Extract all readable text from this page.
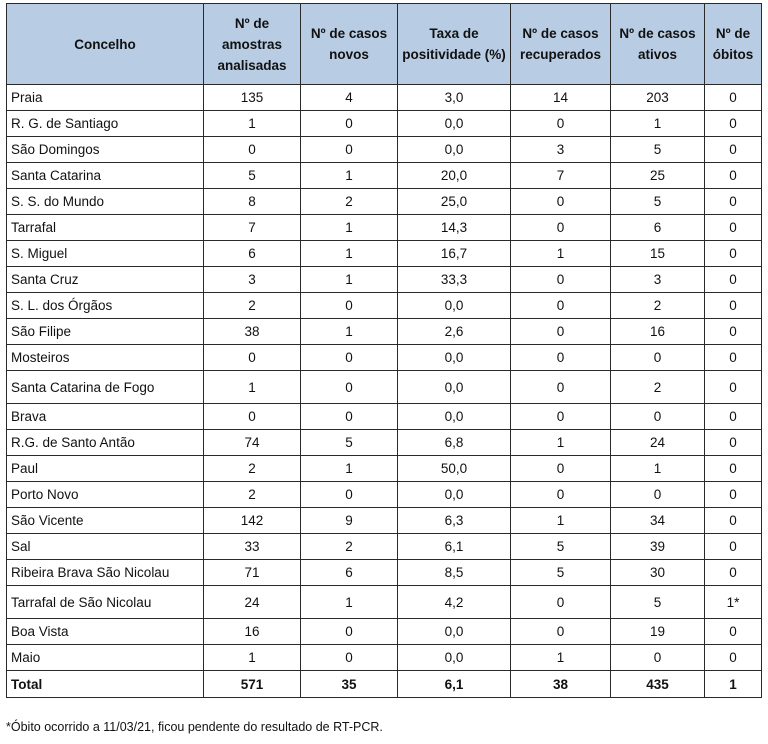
Concelho	Nº de amostras analisadas	Nº de casos novos	Taxa de positividade (%)	Nº de casos recuperados	Nº de casos ativos	Nº de óbitos
Praia	135	4	3,0	14	203	0
R. G. de Santiago	1	0	0,0	0	1	0
São Domingos	0	0	0,0	3	5	0
Santa Catarina	5	1	20,0	7	25	0
S. S. do Mundo	8	2	25,0	0	5	0
Tarrafal	7	1	14,3	0	6	0
S. Miguel	6	1	16,7	1	15	0
Santa Cruz	3	1	33,3	0	3	0
S. L. dos Órgãos	2	0	0,0	0	2	0
São Filipe	38	1	2,6	0	16	0
Mosteiros	0	0	0,0	0	0	0
Santa Catarina de Fogo	1	0	0,0	0	2	0
Brava	0	0	0,0	0	0	0
R.G. de Santo Antão	74	5	6,8	1	24	0
Paul	2	1	50,0	0	1	0
Porto Novo	2	0	0,0	0	0	0
São Vicente	142	9	6,3	1	34	0
Sal	33	2	6,1	5	39	0
Ribeira Brava São Nicolau	71	6	8,5	5	30	0
Tarrafal de São Nicolau	24	1	4,2	0	5	1*
Boa Vista	16	0	0,0	0	19	0
Maio	1	0	0,0	1	0	0
Total	571	35	6,1	38	435	1
*Óbito ocorrido a 11/03/21, ficou pendente do resultado de RT-PCR.
